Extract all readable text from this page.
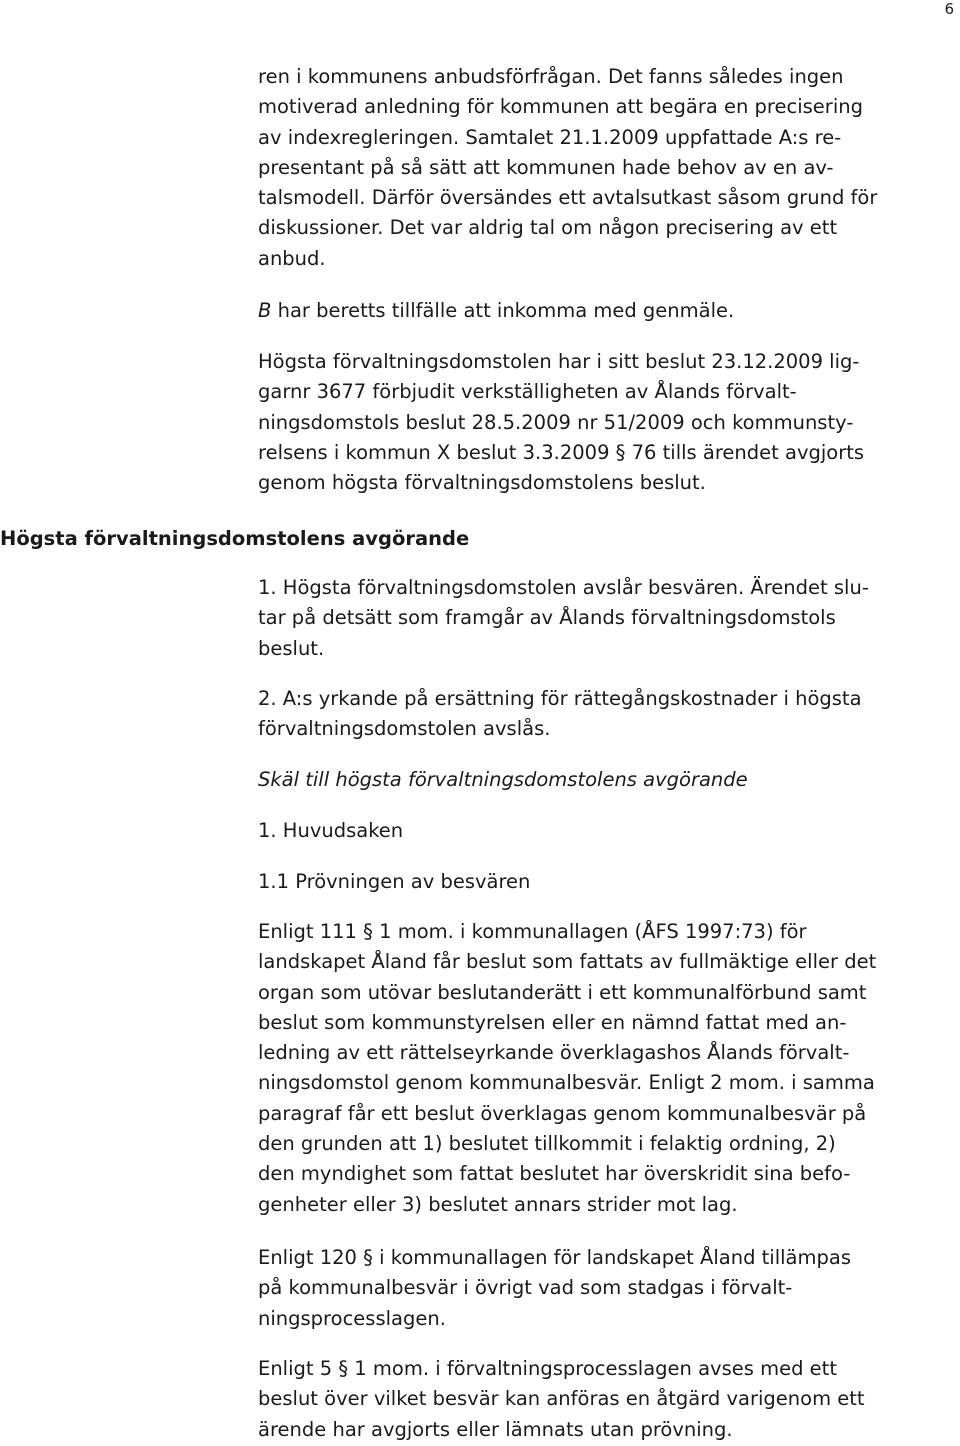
6
ren i kommunens anbudsförfrågan. Det fanns således ingen
motiverad anledning för kommunen att begära en precisering
av indexregleringen. Samtalet 21.1.2009 uppfattade A:s re-
presentant på så sätt att kommunen hade behov av en av-
talsmodell. Därför översändes ett avtalsutkast såsom grund för
diskussioner. Det var aldrig tal om någon precisering av ett
anbud.
B har beretts tillfälle att inkomma med genmäle.
Högsta förvaltningsdomstolen har i sitt beslut 23.12.2009 lig-
garnr 3677 förbjudit verkställigheten av Ålands förvalt-
ningsdomstols beslut 28.5.2009 nr 51/2009 och kommunsty-
relsens i kommun X beslut 3.3.2009 § 76 tills ärendet avgjorts
genom högsta förvaltningsdomstolens beslut.
Högsta förvaltningsdomstolens avgörande
1. Högsta förvaltningsdomstolen avslår besvären. Ärendet slu-
tar på detsätt som framgår av Ålands förvaltningsdomstols
beslut.
2. A:s yrkande på ersättning för rättegångskostnader i högsta
förvaltningsdomstolen avslås.
Skäl till högsta förvaltningsdomstolens avgörande
1. Huvudsaken
1.1 Prövningen av besvären
Enligt 111 § 1 mom. i kommunallagen (ÅFS 1997:73) för
landskapet Åland får beslut som fattats av fullmäktige eller det
organ som utövar beslutanderätt i ett kommunalförbund samt
beslut som kommunstyrelsen eller en nämnd fattat med an-
ledning av ett rättelseyrkande överklagashos Ålands förvalt-
ningsdomstol genom kommunalbesvär. Enligt 2 mom. i samma
paragraf får ett beslut överklagas genom kommunalbesvär på
den grunden att 1) beslutet tillkommit i felaktig ordning, 2)
den myndighet som fattat beslutet har överskridit sina befo-
genheter eller 3) beslutet annars strider mot lag.
Enligt 120 § i kommunallagen för landskapet Åland tillämpas
på kommunalbesvär i övrigt vad som stadgas i förvalt-
ningsprocesslagen.
Enligt 5 § 1 mom. i förvaltningsprocesslagen avses med ett
beslut över vilket besvär kan anföras en åtgärd varigenom ett
ärende har avgjorts eller lämnats utan prövning.
